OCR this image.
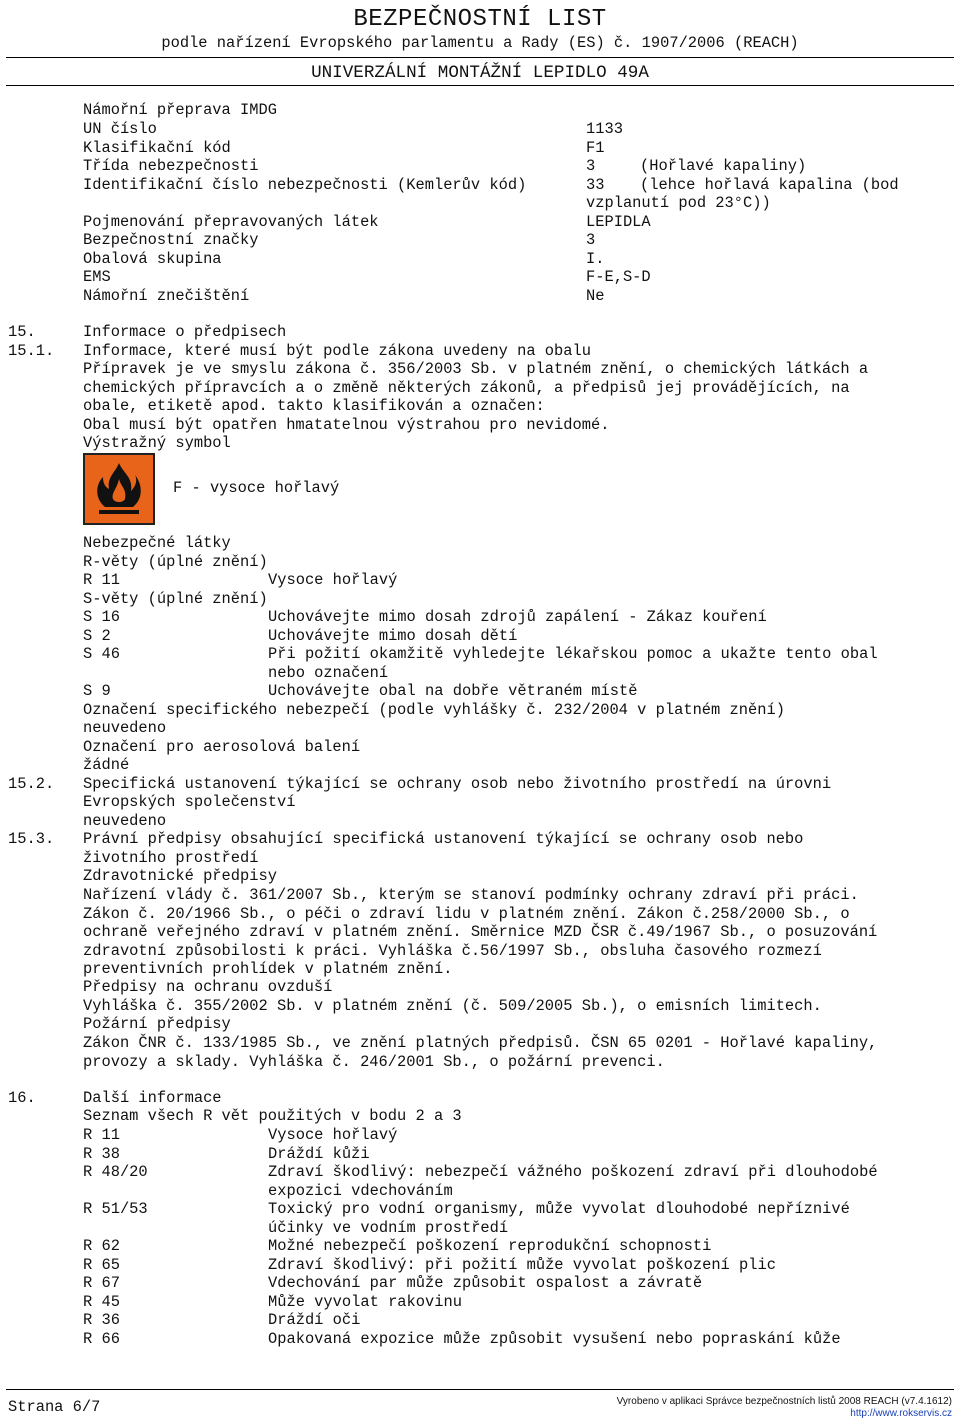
BEZPEČNOSTNÍ LIST
podle nařízení Evropského parlamentu a Rady (ES) č. 1907/2006 (REACH)
UNIVERZÁLNÍ MONTÁŽNÍ LEPIDLO 49A
Námořní přeprava IMDG
UN číslo	1133
Klasifikační kód	F1
Třída nebezpečnosti	3	(Hořlavé kapaliny)
Identifikační číslo nebezpečnosti (Kemlerův kód)	33 (lehce hořlavá kapalina (bod
vzplanutí pod 23°C))
Pojmenování přepravovaných látek	LEPIDLA
Bezpečnostní značky	3
Obalová skupina	I.
EMS	F-E,S-D
Námořní znečištění	Ne

15.

	Informace o předpisech

15.1.

Informace, které musí být podle zákona uvedeny na obalu

Přípravek je ve smyslu zákona č. 356/2003 Sb. v platném znění, o chemických látkách a
chemických přípravcích a o změně některých zákonů, a předpisů jej provádějících, na
obale, etiketě apod. takto klasifikován a označen:
Obal musí být opatřen hmatatelnou výstrahou pro nevidomé.
Výstražný symbol
F - vysoce hořlavý
Nebezpečné látky
R-věty (úplné znění)
R 11	Vysoce hořlavý
S-věty (úplné znění)
S 16	Uchovávejte mimo dosah zdrojů zapálení - Zákaz kouření
S 2	Uchovávejte mimo dosah dětí
S 46	Při požití okamžitě vyhledejte lékařskou pomoc a ukažte tento obal
nebo označení
S 9	Uchovávejte obal na dobře větraném místě
Označení specifického nebezpečí (podle vyhlášky č. 232/2004 v platném znění)
neuvedeno
Označení pro aerosolová balení
žádné

15.2.

Specifická ustanovení týkající se ochrany osob nebo životního prostředí na úrovni

Evropských společenství
neuvedeno

15.3.

Právní předpisy obsahující specifická ustanovení týkající se ochrany osob nebo

životního prostředí
Zdravotnické předpisy
Nařízení vlády č. 361/2007 Sb., kterým se stanoví podmínky ochrany zdraví při práci.
Zákon č. 20/1966 Sb., o péči o zdraví lidu v platném znění. Zákon č.258/2000 Sb., o
ochraně veřejného zdraví v platném znění. Směrnice MZD ČSR č.49/1967 Sb., o posuzování
zdravotní způsobilosti k práci. Vyhláška č.56/1997 Sb., obsluha časového rozmezí
preventivních prohlídek v platném znění.
Předpisy na ochranu ovzduší
Vyhláška č. 355/2002 Sb. v platném znění (č. 509/2005 Sb.), o emisních limitech.
Požární předpisy
Zákon ČNR č. 133/1985 Sb., ve znění platných předpisů. ČSN 65 0201 - Hořlavé kapaliny,
provozy a sklady. Vyhláška č. 246/2001 Sb., o požární prevenci.

16.

	Další informace

Seznam všech R vět použitých v bodu 2 a 3
R 11	Vysoce hořlavý
R 38	Dráždí kůži
R 48/20	Zdraví škodlivý: nebezpečí vážného poškození zdraví při dlouhodobé
expozici vdechováním
R 51/53	Toxický pro vodní organismy, může vyvolat dlouhodobé nepříznivé
účinky ve vodním prostředí
R 62	Možné nebezpečí poškození reprodukční schopnosti
R 65	Zdraví škodlivý: při požití může vyvolat poškození plic
R 67	Vdechování par může způsobit ospalost a závratě
R 45	Může vyvolat rakovinu
R 36	Dráždí oči
R 66	Opakovaná expozice může způsobit vysušení nebo popraskání kůže
Strana 6/7	Vyrobeno v aplikaci Správce bezpečnostních listů 2008 REACH (v7.4.1612)
http://www.rokservis.cz
